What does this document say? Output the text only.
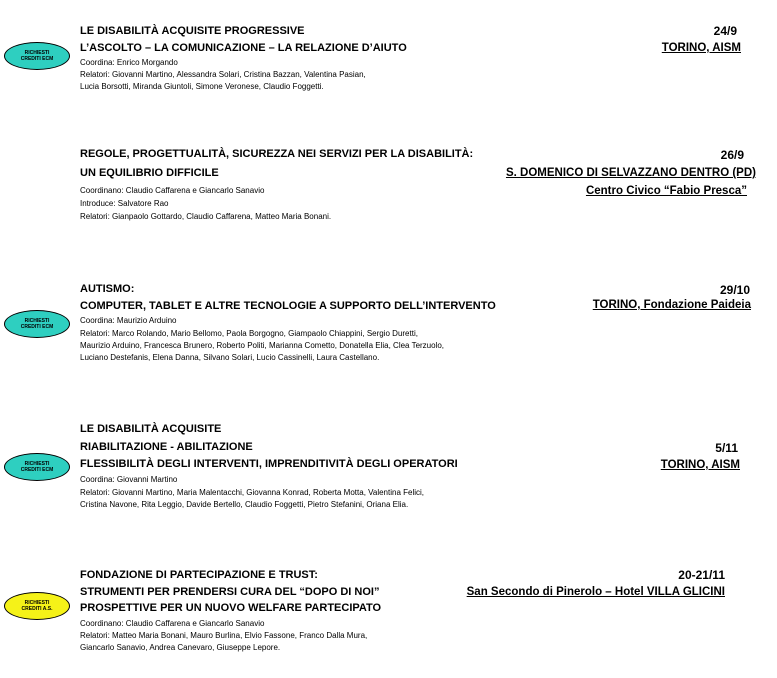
RICHIESTI
CREDITI ECM
LE DISABILITÀ ACQUISITE PROGRESSIVE
L’ASCOLTO – LA COMUNICAZIONE – LA RELAZIONE D’AIUTO
Coordina: Enrico Morgando
Relatori: Giovanni Martino, Alessandra Solari, Cristina Bazzan, Valentina Pasian,
Lucia Borsotti, Miranda Giuntoli, Simone Veronese, Claudio Foggetti.
24/9
TORINO, AISM
REGOLE, PROGETTUALITÀ, SICUREZZA NEI SERVIZI PER LA DISABILITÀ:
UN EQUILIBRIO DIFFICILE
Coordinano: Claudio Caffarena e Giancarlo Sanavio
Introduce: Salvatore Rao
Relatori: Gianpaolo Gottardo, Claudio Caffarena, Matteo Maria Bonani.
26/9
S. DOMENICO DI SELVAZZANO DENTRO (PD)
Centro Civico “Fabio Presca”
RICHIESTI
CREDITI ECM
AUTISMO:
COMPUTER, TABLET E ALTRE TECNOLOGIE A SUPPORTO DELL’INTERVENTO
Coordina: Maurizio Arduino
Relatori: Marco Rolando, Mario Bellomo, Paola Borgogno, Giampaolo Chiappini, Sergio Duretti,
Maurizio Arduino, Francesca Brunero, Roberto Politi, Marianna Cometto, Donatella Elia, Clea Terzuolo,
Luciano Destefanis, Elena Danna, Silvano Solari, Lucio Cassinelli, Laura Castellano.
29/10
TORINO, Fondazione Paideia
RICHIESTI
CREDITI ECM
LE DISABILITÀ ACQUISITE
RIABILITAZIONE - ABILITAZIONE
FLESSIBILITÀ DEGLI INTERVENTI, IMPRENDITIVITÀ DEGLI OPERATORI
Coordina: Giovanni Martino
Relatori: Giovanni Martino, Maria Malentacchi, Giovanna Konrad, Roberta Motta, Valentina Felici,
Cristina Navone, Rita Leggio, Davide Bertello, Claudio Foggetti, Pietro Stefanini, Oriana Elia.
5/11
TORINO, AISM
RICHIESTI
CREDITI A.S.
FONDAZIONE DI PARTECIPAZIONE E TRUST:
STRUMENTI PER PRENDERSI CURA DEL “DOPO DI NOI”
PROSPETTIVE PER UN NUOVO WELFARE PARTECIPATO
Coordinano: Claudio Caffarena e Giancarlo Sanavio
Relatori: Matteo Maria Bonani, Mauro Burlina, Elvio Fassone, Franco Dalla Mura,
Giancarlo Sanavio, Andrea Canevaro, Giuseppe Lepore.
20-21/11
San Secondo di Pinerolo – Hotel VILLA GLICINI
